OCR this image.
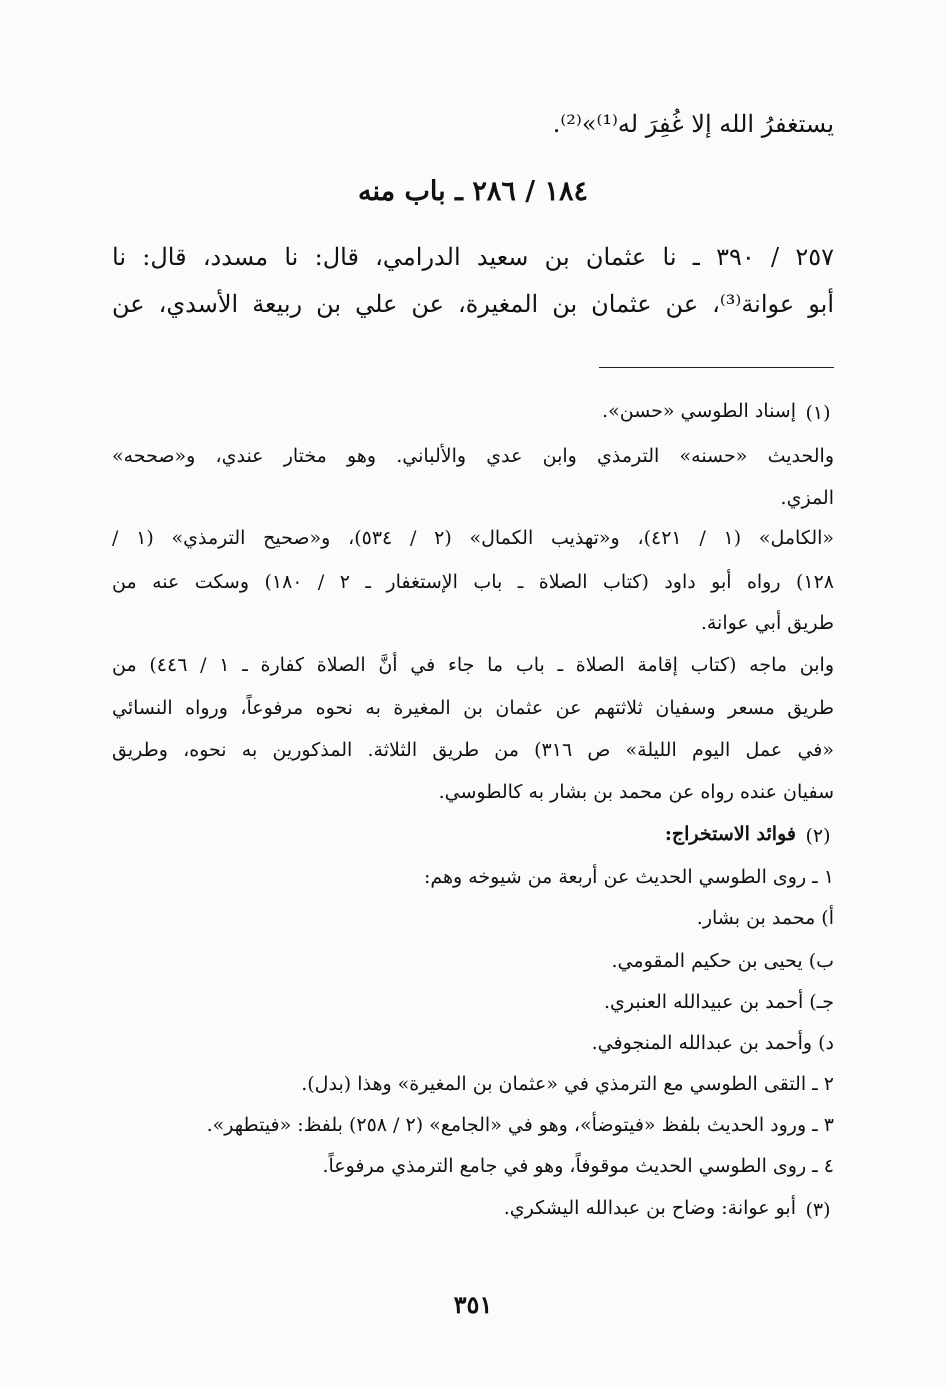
يستغفرُ الله إلا غُفِرَ له⁽¹⁾»⁽²⁾.
١٨٤ / ٢٨٦ ـ باب منه
٢٥٧ / ٣٩٠ ـ نا عثمان بن سعيد الدرامي، قال: نا مسدد، قال: نا
أبو عوانة⁽³⁾، عن عثمان بن المغيرة، عن علي بن ربيعة الأسدي، عن
(١)
إسناد الطوسي «حسن».
والحديث «حسنه» الترمذي وابن عدي والألباني. وهو مختار عندي، و«صححه»
المزي.
«الكامل» (١ / ٤٢١)، و«تهذيب الكمال» (٢ / ٥٣٤)، و«صحيح الترمذي» (١ /
١٢٨) رواه أبو داود (كتاب الصلاة ـ باب الإستغفار ـ ٢ / ١٨٠) وسكت عنه من
طريق أبي عوانة.
وابن ماجه (كتاب إقامة الصلاة ـ باب ما جاء في أنَّ الصلاة كفارة ـ ١ / ٤٤٦) من
طريق مسعر وسفيان ثلاثتهم عن عثمان بن المغيرة به نحوه مرفوعاً، ورواه النسائي
«في عمل اليوم الليلة» ص ٣١٦) من طريق الثلاثة. المذكورين به نحوه، وطريق
سفيان عنده رواه عن محمد بن بشار به كالطوسي.
(٢)
فوائد الاستخراج:
١ ـ روى الطوسي الحديث عن أربعة من شيوخه وهم:
أ) محمد بن بشار.
ب) يحيى بن حكيم المقومي.
جـ) أحمد بن عبيدالله العنبري.
د) وأحمد بن عبدالله المنجوفي.
٢ ـ التقى الطوسي مع الترمذي في «عثمان بن المغيرة» وهذا (بدل).
٣ ـ ورود الحديث بلفظ «فيتوضأ»، وهو في «الجامع» (٢ / ٢٥٨) بلفظ: «فيتطهر».
٤ ـ روى الطوسي الحديث موقوفاً، وهو في جامع الترمذي مرفوعاً.
(٣)
أبو عوانة: وضاح بن عبدالله اليشكري.
٣٥١
